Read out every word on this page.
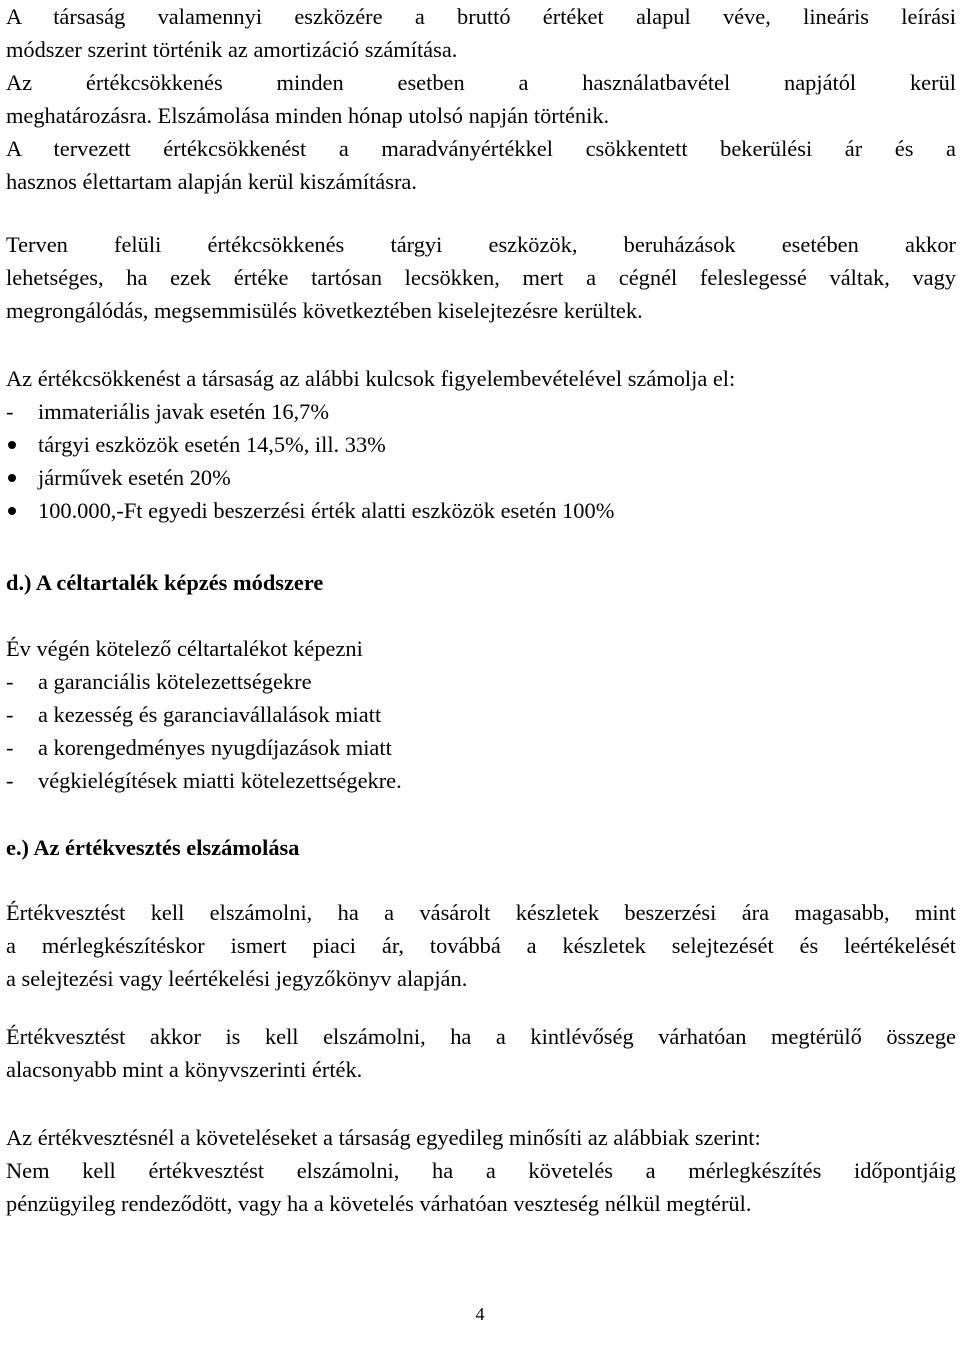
A társaság valamennyi eszközére a bruttó értéket alapul véve, lineáris leírási
módszer szerint történik az amortizáció számítása.
Az értékcsökkenés minden esetben a használatbavétel napjától kerül
meghatározásra. Elszámolása minden hónap utolsó napján történik.
A tervezett értékcsökkenést a maradványértékkel csökkentett bekerülési ár és a
hasznos élettartam alapján kerül kiszámításra.

Terven felüli értékcsökkenés tárgyi eszközök, beruházások esetében akkor
lehetséges, ha ezek értéke tartósan lecsökken, mert a cégnél feleslegessé váltak, vagy
megrongálódás, megsemmisülés következtében kiselejtezésre kerültek.

Az értékcsökkenést a társaság az alábbi kulcsok figyelembevételével számolja el:

-	immateriális javak esetén 16,7%
tárgyi eszközök esetén 14,5%, ill. 33%
járművek esetén 20%
100.000,-Ft egyedi beszerzési érték alatti eszközök esetén 100%

d.) A céltartalék képzés módszere

Év végén kötelező céltartalékot képezni

-	a garanciális kötelezettségekre
-	a kezesség és garanciavállalások miatt
-	a korengedményes nyugdíjazások miatt
-	végkielégítések miatti kötelezettségekre.

e.) Az értékvesztés elszámolása

Értékvesztést kell elszámolni, ha a vásárolt készletek beszerzési ára magasabb, mint
a mérlegkészítéskor ismert piaci ár, továbbá a készletek selejtezését és leértékelését
a selejtezési vagy leértékelési jegyzőkönyv alapján.

Értékvesztést akkor is kell elszámolni, ha a kintlévőség várhatóan megtérülő összege
alacsonyabb mint a könyvszerinti érték.

Az értékvesztésnél a követeléseket a társaság egyedileg minősíti az alábbiak szerint:
Nem kell értékvesztést elszámolni, ha a követelés a mérlegkészítés időpontjáig
pénzügyileg rendeződött, vagy ha a követelés várhatóan veszteség nélkül megtérül.

4
